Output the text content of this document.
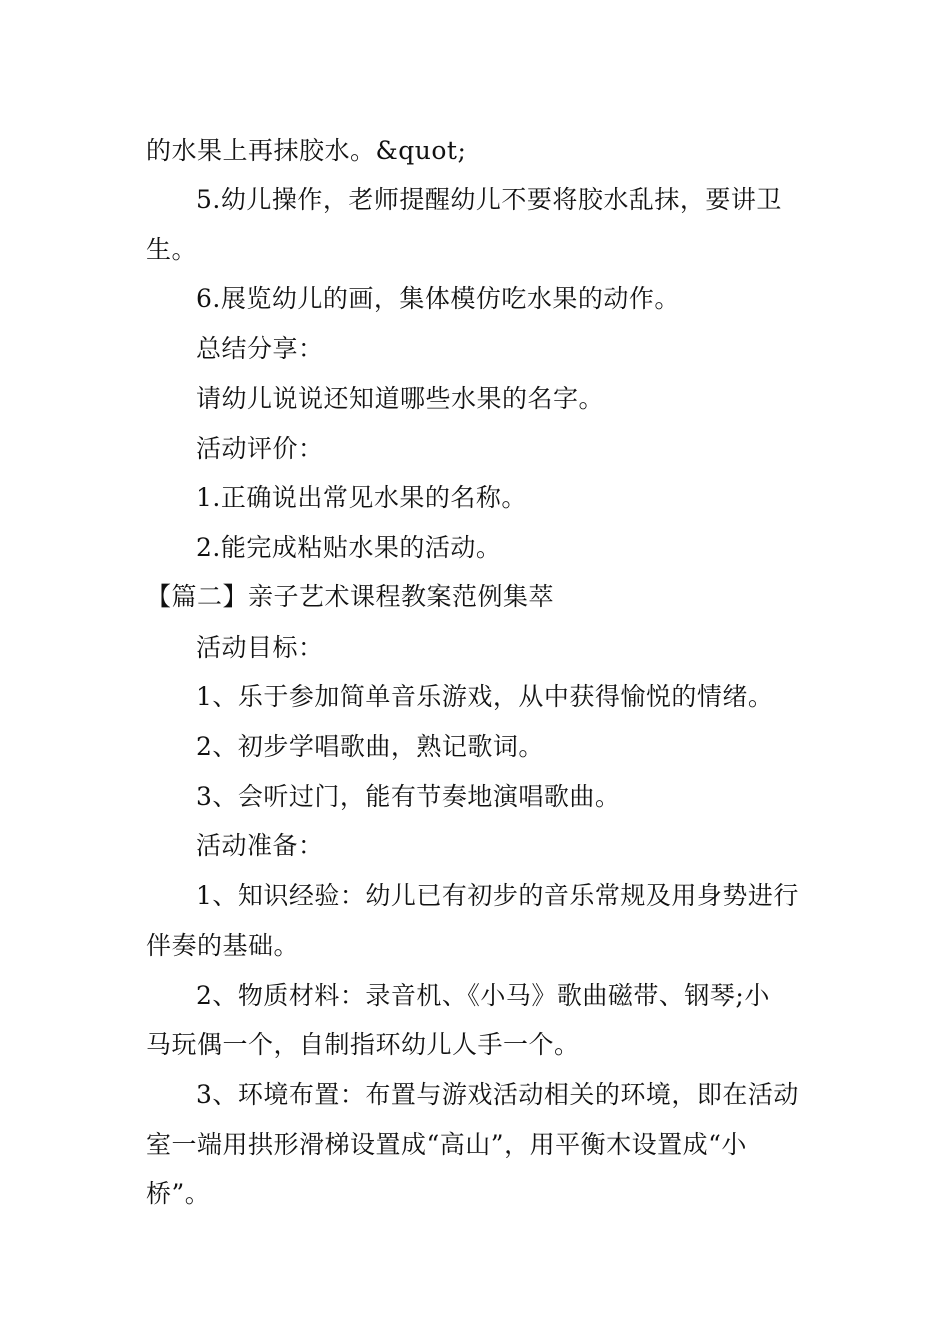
的水果上再抹胶水。&quot;
5.幼儿操作，老师提醒幼儿不要将胶水乱抹，要讲卫
生。
6.展览幼儿的画，集体模仿吃水果的动作。
总结分享：
请幼儿说说还知道哪些水果的名字。
活动评价：
1.正确说出常见水果的名称。
2.能完成粘贴水果的活动。
【篇二】亲子艺术课程教案范例集萃
活动目标：
1、乐于参加简单音乐游戏，从中获得愉悦的情绪。
2、初步学唱歌曲，熟记歌词。
3、会听过门，能有节奏地演唱歌曲。
活动准备：
1、知识经验：幼儿已有初步的音乐常规及用身势进行
伴奏的基础。
2、物质材料：录音机、《小马》歌曲磁带、钢琴;小
马玩偶一个，自制指环幼儿人手一个。
3、环境布置：布置与游戏活动相关的环境，即在活动
室一端用拱形滑梯设置成“高山”，用平衡木设置成“小
桥”。
